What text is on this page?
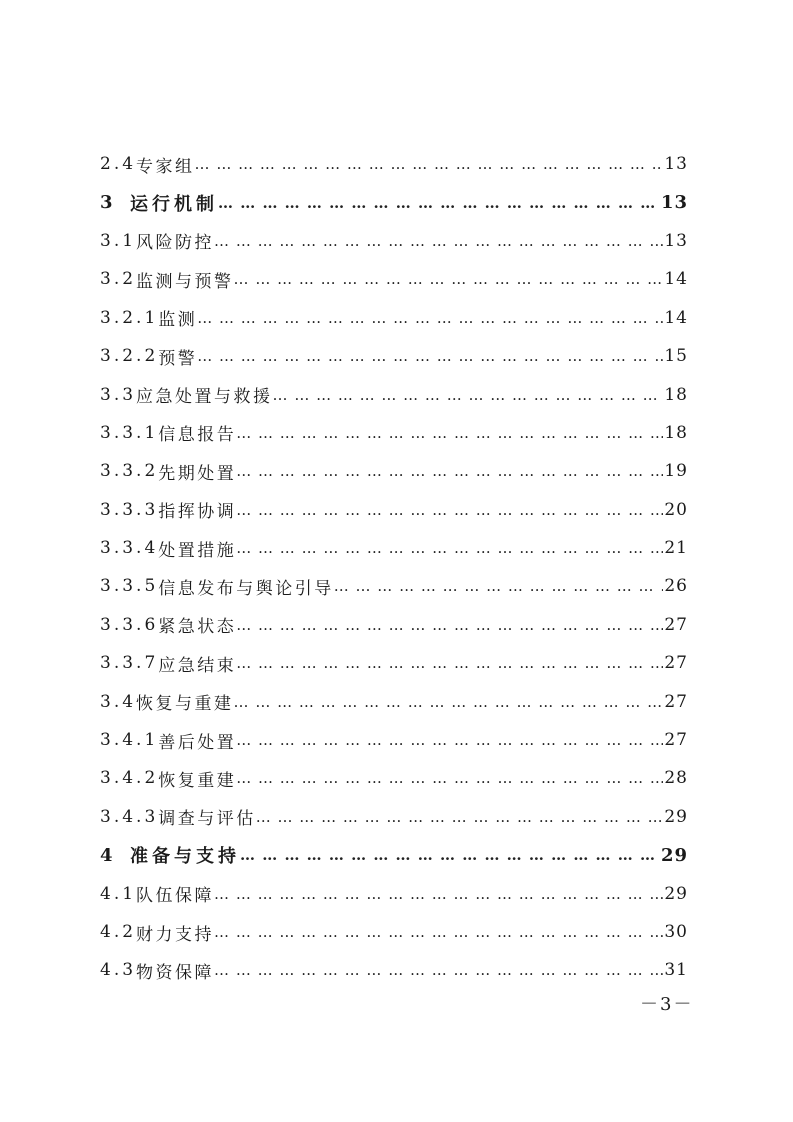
2.4 专家组 … … … … … … … … … … … … … … … … … … … … … … … … … … … … … … … … … … … … … … … … … … … … … … … … …	13
3 运行机制 … … … … … … … … … … … … … … … … … … … … … … … … … … … … … … … … … … … … … … … … … … … … … … … … …	13
3.1 风险防控 … … … … … … … … … … … … … … … … … … … … … … … … … … … … … … … … … … … … … … … … … … … … … … … … …	13
3.2 监测与预警 … … … … … … … … … … … … … … … … … … … … … … … … … … … … … … … … … … … … … … … … … … … … … … … … …	14
3.2.1 监测 … … … … … … … … … … … … … … … … … … … … … … … … … … … … … … … … … … … … … … … … … … … … … … … … …	14
3.2.2 预警 … … … … … … … … … … … … … … … … … … … … … … … … … … … … … … … … … … … … … … … … … … … … … … … … …	15
3.3 应急处置与救援 … … … … … … … … … … … … … … … … … … … … … … … … … … … … … … … … … … … … … … … … … … … … … … … … …	18
3.3.1 信息报告 … … … … … … … … … … … … … … … … … … … … … … … … … … … … … … … … … … … … … … … … … … … … … … … … …	18
3.3.2 先期处置 … … … … … … … … … … … … … … … … … … … … … … … … … … … … … … … … … … … … … … … … … … … … … … … … …	19
3.3.3 指挥协调 … … … … … … … … … … … … … … … … … … … … … … … … … … … … … … … … … … … … … … … … … … … … … … … … …	20
3.3.4 处置措施 … … … … … … … … … … … … … … … … … … … … … … … … … … … … … … … … … … … … … … … … … … … … … … … … …	21
3.3.5 信息发布与舆论引导 … … … … … … … … … … … … … … … … … … … … … … … … … … … … … … … … … … … … … … … … … … … … … … … … …	26
3.3.6 紧急状态 … … … … … … … … … … … … … … … … … … … … … … … … … … … … … … … … … … … … … … … … … … … … … … … … …	27
3.3.7 应急结束 … … … … … … … … … … … … … … … … … … … … … … … … … … … … … … … … … … … … … … … … … … … … … … … … …	27
3.4 恢复与重建 … … … … … … … … … … … … … … … … … … … … … … … … … … … … … … … … … … … … … … … … … … … … … … … … …	27
3.4.1 善后处置 … … … … … … … … … … … … … … … … … … … … … … … … … … … … … … … … … … … … … … … … … … … … … … … … …	27
3.4.2 恢复重建 … … … … … … … … … … … … … … … … … … … … … … … … … … … … … … … … … … … … … … … … … … … … … … … … …	28
3.4.3 调查与评估 … … … … … … … … … … … … … … … … … … … … … … … … … … … … … … … … … … … … … … … … … … … … … … … … …	29
4 准备与支持 … … … … … … … … … … … … … … … … … … … … … … … … … … … … … … … … … … … … … … … … … … … … … … … … …	29
4.1 队伍保障 … … … … … … … … … … … … … … … … … … … … … … … … … … … … … … … … … … … … … … … … … … … … … … … … …	29
4.2 财力支持 … … … … … … … … … … … … … … … … … … … … … … … … … … … … … … … … … … … … … … … … … … … … … … … … …	30
4.3 物资保障 … … … … … … … … … … … … … … … … … … … … … … … … … … … … … … … … … … … … … … … … … … … … … … … … …	31
－3－
